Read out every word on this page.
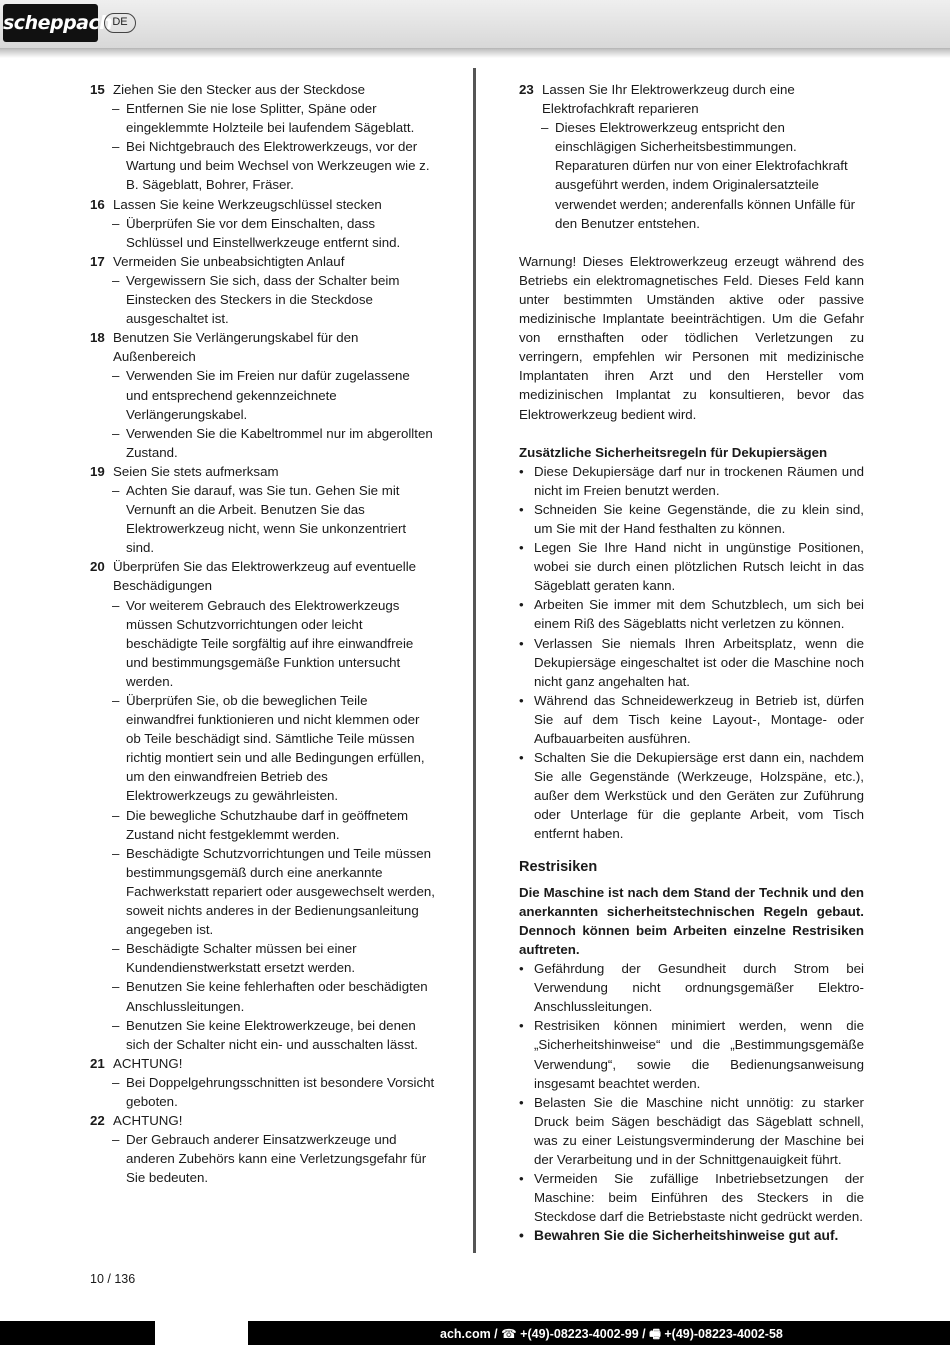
scheppach DE

15 Ziehen Sie den Stecker aus der Steckdose

– Entfernen Sie nie lose Splitter, Späne oder eingeklemmte Holzteile bei laufendem Sägeblatt.

– Bei Nichtgebrauch des Elektrowerkzeugs, vor der Wartung und beim Wechsel von Werkzeugen wie z. B. Sägeblatt, Bohrer, Fräser.

16 Lassen Sie keine Werkzeugschlüssel stecken

– Überprüfen Sie vor dem Einschalten, dass Schlüssel und Einstellwerkzeuge entfernt sind.

17 Vermeiden Sie unbeabsichtigten Anlauf

– Vergewissern Sie sich, dass der Schalter beim Einstecken des Steckers in die Steckdose ausgeschaltet ist.

18 Benutzen Sie Verlängerungskabel für den Außenbereich

– Verwenden Sie im Freien nur dafür zugelassene und entsprechend gekennzeichnete Verlängerungskabel.

– Verwenden Sie die Kabeltrommel nur im abgerollten Zustand.

19 Seien Sie stets aufmerksam

– Achten Sie darauf, was Sie tun. Gehen Sie mit Vernunft an die Arbeit. Benutzen Sie das Elektrowerkzeug nicht, wenn Sie unkonzentriert sind.

20 Überprüfen Sie das Elektrowerkzeug auf eventuelle Beschädigungen

– Vor weiterem Gebrauch des Elektrowerkzeugs müssen Schutzvorrichtungen oder leicht beschädigte Teile sorgfältig auf ihre einwandfreie und bestimmungsgemäße Funktion untersucht werden.

– Überprüfen Sie, ob die beweglichen Teile einwandfrei funktionieren und nicht klemmen oder ob Teile beschädigt sind. Sämtliche Teile müssen richtig montiert sein und alle Bedingungen erfüllen, um den einwandfreien Betrieb des Elektrowerkzeugs zu gewährleisten.

– Die bewegliche Schutzhaube darf in geöffnetem Zustand nicht festgeklemmt werden.

– Beschädigte Schutzvorrichtungen und Teile müssen bestimmungsgemäß durch eine anerkannte Fachwerkstatt repariert oder ausgewechselt werden, soweit nichts anderes in der Bedienungsanleitung angegeben ist.

– Beschädigte Schalter müssen bei einer Kundendienstwerkstatt ersetzt werden.

– Benutzen Sie keine fehlerhaften oder beschädigten Anschlussleitungen.

– Benutzen Sie keine Elektrowerkzeuge, bei denen sich der Schalter nicht ein- und ausschalten lässt.

21 ACHTUNG!

– Bei Doppelgehrungsschnitten ist besondere Vorsicht geboten.

22 ACHTUNG!

– Der Gebrauch anderer Einsatzwerkzeuge und anderen Zubehörs kann eine Verletzungsgefahr für Sie bedeuten.

23 Lassen Sie Ihr Elektrowerkzeug durch eine Elektrofachkraft reparieren

– Dieses Elektrowerkzeug entspricht den einschlägigen Sicherheitsbestimmungen. Reparaturen dürfen nur von einer Elektrofachkraft ausgeführt werden, indem Originalersatzteile verwendet werden; anderenfalls können Unfälle für den Benutzer entstehen.

Warnung! Dieses Elektrowerkzeug erzeugt während des Betriebs ein elektromagnetisches Feld. Dieses Feld kann unter bestimmten Umständen aktive oder passive medizinische Implantate beeinträchtigen. Um die Gefahr von ernsthaften oder tödlichen Verletzungen zu verringern, empfehlen wir Personen mit medizinische Implantaten ihren Arzt und den Hersteller vom medizinischen Implantat zu konsultieren, bevor das Elektrowerkzeug bedient wird.

Zusätzliche Sicherheitsregeln für Dekupiersägen

• Diese Dekupiersäge darf nur in trockenen Räumen und nicht im Freien benutzt werden.

• Schneiden Sie keine Gegenstände, die zu klein sind, um Sie mit der Hand festhalten zu können.

• Legen Sie Ihre Hand nicht in ungünstige Positionen, wobei sie durch einen plötzlichen Rutsch leicht in das Sägeblatt geraten kann.

• Arbeiten Sie immer mit dem Schutzblech, um sich bei einem Riß des Sägeblatts nicht verletzen zu können.

• Verlassen Sie niemals Ihren Arbeitsplatz, wenn die Dekupiersäge eingeschaltet ist oder die Maschine noch nicht ganz angehalten hat.

• Während das Schneidewerkzeug in Betrieb ist, dürfen Sie auf dem Tisch keine Layout-, Montage- oder Aufbauarbeiten ausführen.

• Schalten Sie die Dekupiersäge erst dann ein, nachdem Sie alle Gegenstände (Werkzeuge, Holzspäne, etc.), außer dem Werkstück und den Geräten zur Zuführung oder Unterlage für die geplante Arbeit, vom Tisch entfernt haben.

Restrisiken

Die Maschine ist nach dem Stand der Technik und den anerkannten sicherheitstechnischen Regeln gebaut. Dennoch können beim Arbeiten einzelne Restrisiken auftreten.

• Gefährdung der Gesundheit durch Strom bei Verwendung nicht ordnungsgemäßer Elektro-Anschlussleitungen.

• Restrisiken können minimiert werden, wenn die „Sicherheitshinweise“ und die „Bestimmungsgemäße Verwendung“, sowie die Bedienungsanweisung insgesamt beachtet werden.

• Belasten Sie die Maschine nicht unnötig: zu starker Druck beim Sägen beschädigt das Sägeblatt schnell, was zu einer Leistungsverminderung der Maschine bei der Verarbeitung und in der Schnittgenauigkeit führt.

• Vermeiden Sie zufällige Inbetriebsetzungen der Maschine: beim Einführen des Steckers in die Steckdose darf die Betriebstaste nicht gedrückt werden.

• Bewahren Sie die Sicherheitshinweise gut auf.

10 / 136
ach.com / ☎ +(49)-08223-4002-99 / 🖷 +(49)-08223-4002-58
